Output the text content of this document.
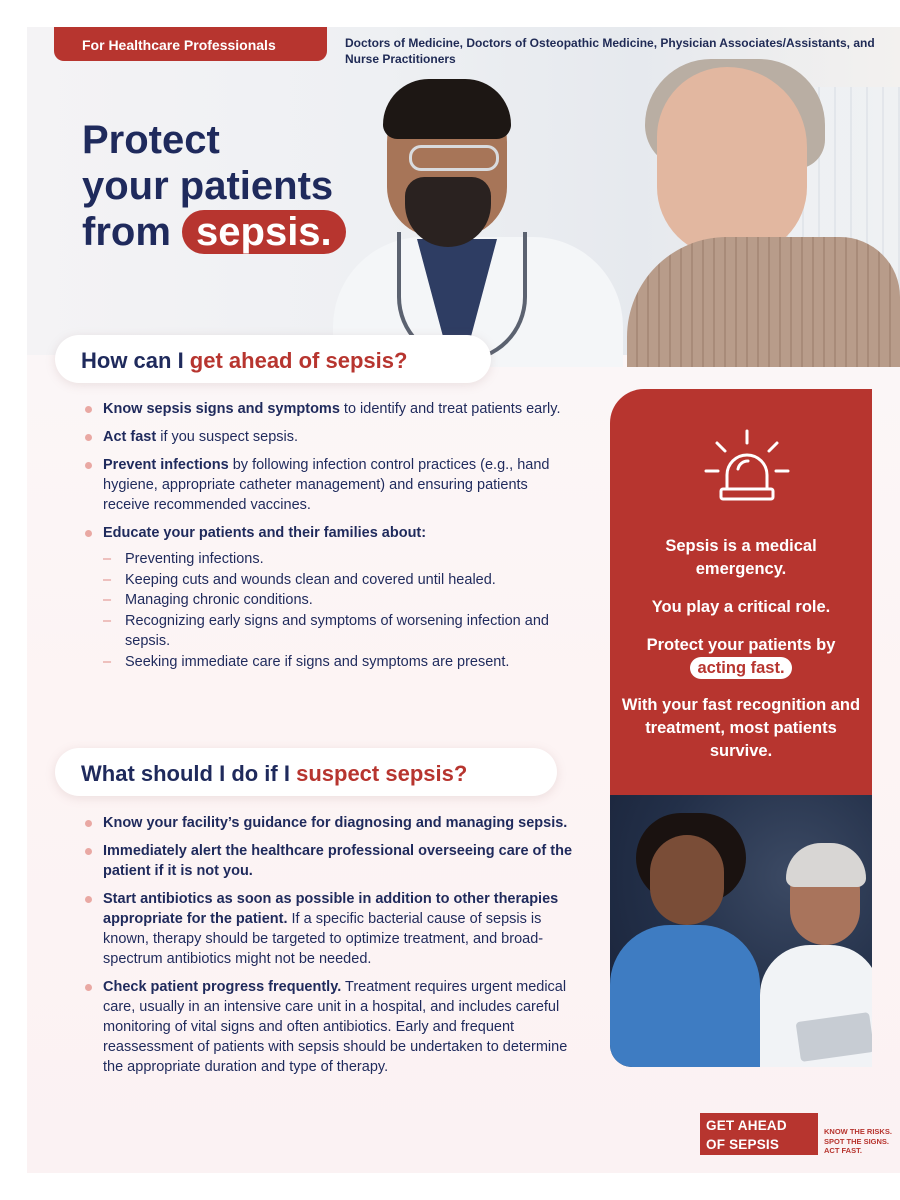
For Healthcare Professionals	Doctors of Medicine, Doctors of Osteopathic Medicine, Physician Associates/Assistants, and Nurse Practitioners
Protect
your patients
from sepsis.
How can I get ahead of sepsis?
Know sepsis signs and symptoms to identify and treat patients early.
Act fast if you suspect sepsis.
Prevent infections by following infection control practices (e.g., hand hygiene, appropriate catheter management) and ensuring patients receive recommended vaccines.
Educate your patients and their families about:
– Preventing infections.
– Keeping cuts and wounds clean and covered until healed.
– Managing chronic conditions.
– Recognizing early signs and symptoms of worsening infection and sepsis.
– Seeking immediate care if signs and symptoms are present.
What should I do if I suspect sepsis?
Know your facility’s guidance for diagnosing and managing sepsis.
Immediately alert the healthcare professional overseeing care of the patient if it is not you.
Start antibiotics as soon as possible in addition to other therapies appropriate for the patient. If a specific bacterial cause of sepsis is known, therapy should be targeted to optimize treatment, and broad-spectrum antibiotics might not be needed.
Check patient progress frequently. Treatment requires urgent medical care, usually in an intensive care unit in a hospital, and includes careful monitoring of vital signs and often antibiotics. Early and frequent reassessment of patients with sepsis should be undertaken to determine the appropriate duration and type of therapy.

Sepsis is a medical emergency.

You play a critical role.

Protect your patients by
acting fast.

With your fast recognition and treatment, most patients survive.

GET AHEAD
OF SEPSIS
KNOW THE RISKS.
SPOT THE SIGNS.
ACT FAST.
